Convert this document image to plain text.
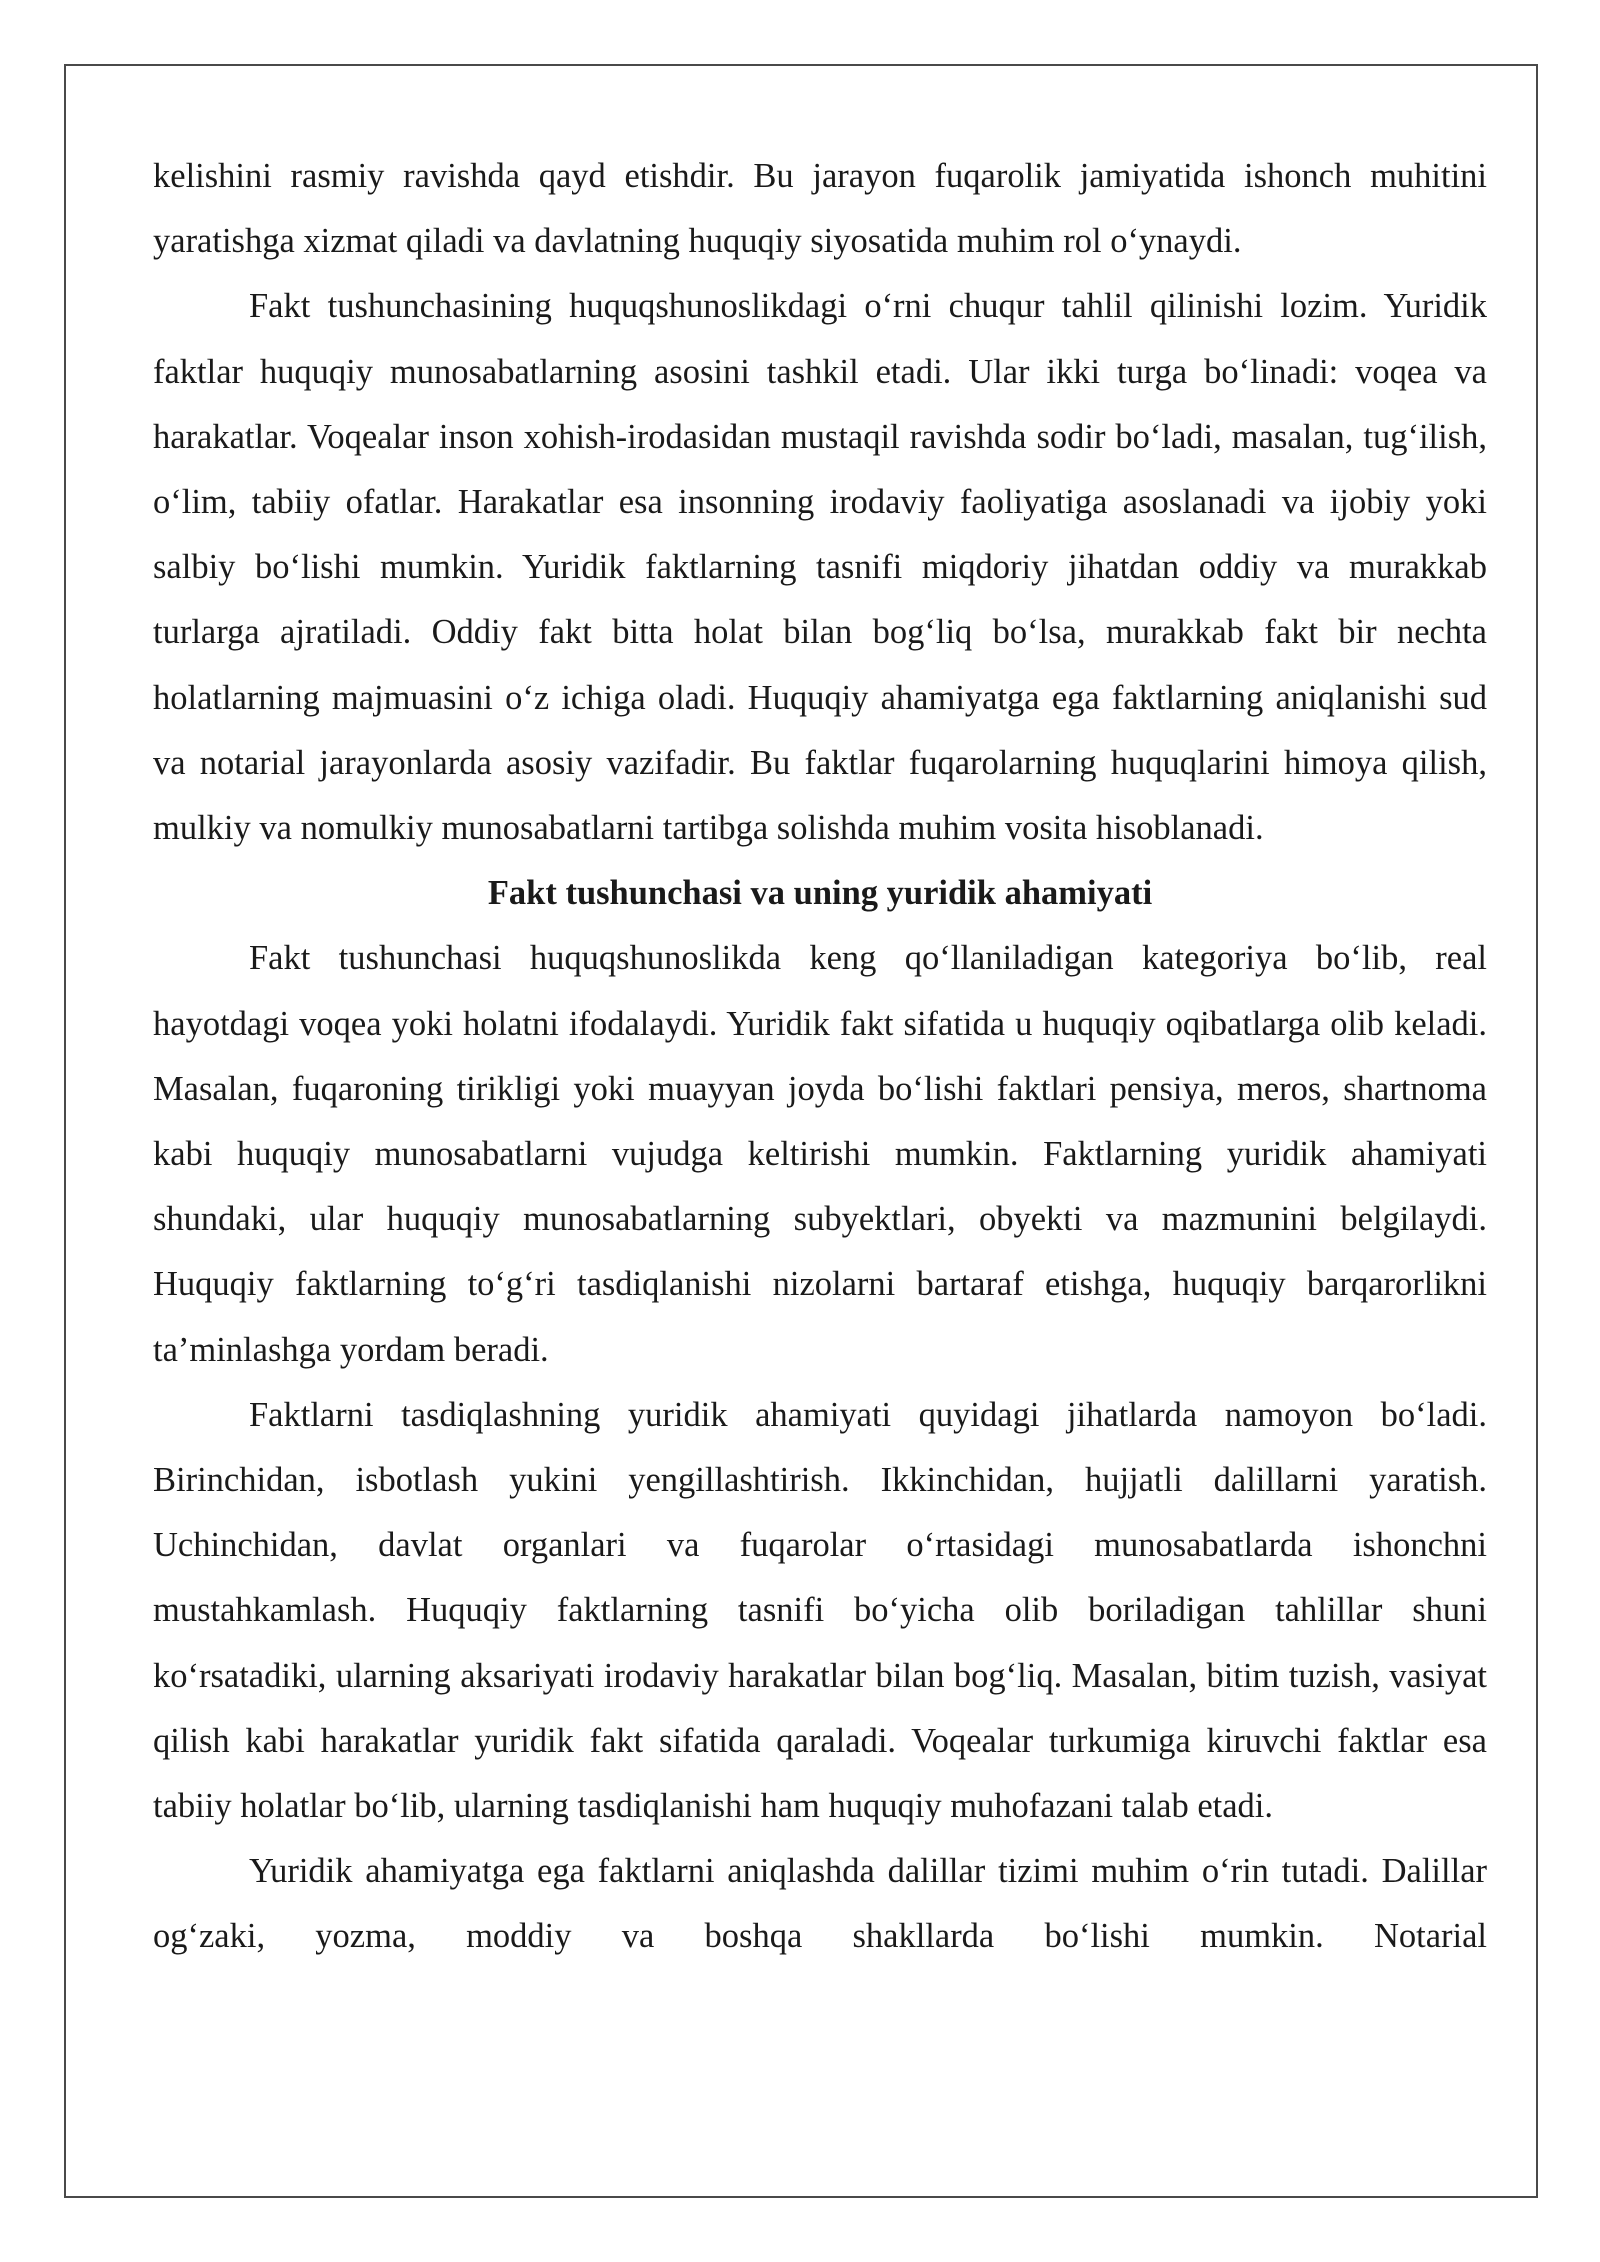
kelishini rasmiy ravishda qayd etishdir. Bu jarayon fuqarolik jamiyatida ishonch muhitini yaratishga xizmat qiladi va davlatning huquqiy siyosatida muhim rol o‘ynaydi.

Fakt tushunchasining huquqshunoslikdagi o‘rni chuqur tahlil qilinishi lozim. Yuridik faktlar huquqiy munosabatlarning asosini tashkil etadi. Ular ikki turga bo‘linadi: voqea va harakatlar. Voqealar inson xohish-irodasidan mustaqil ravishda sodir bo‘ladi, masalan, tug‘ilish, o‘lim, tabiiy ofatlar. Harakatlar esa insonning irodaviy faoliyatiga asoslanadi va ijobiy yoki salbiy bo‘lishi mumkin. Yuridik faktlarning tasnifi miqdoriy jihatdan oddiy va murakkab turlarga ajratiladi. Oddiy fakt bitta holat bilan bog‘liq bo‘lsa, murakkab fakt bir nechta holatlarning majmuasini o‘z ichiga oladi. Huquqiy ahamiyatga ega faktlarning aniqlanishi sud va notarial jarayonlarda asosiy vazifadir. Bu faktlar fuqarolarning huquqlarini himoya qilish, mulkiy va nomulkiy munosabatlarni tartibga solishda muhim vosita hisoblanadi.

Fakt tushunchasi va uning yuridik ahamiyati

Fakt tushunchasi huquqshunoslikda keng qo‘llaniladigan kategoriya bo‘lib, real hayotdagi voqea yoki holatni ifodalaydi. Yuridik fakt sifatida u huquqiy oqibatlarga olib keladi. Masalan, fuqaroning tirikligi yoki muayyan joyda bo‘lishi faktlari pensiya, meros, shartnoma kabi huquqiy munosabatlarni vujudga keltirishi mumkin. Faktlarning yuridik ahamiyati shundaki, ular huquqiy munosabatlarning subyektlari, obyekti va mazmunini belgilaydi. Huquqiy faktlarning to‘g‘ri tasdiqlanishi nizolarni bartaraf etishga, huquqiy barqarorlikni ta’minlashga yordam beradi.

Faktlarni tasdiqlashning yuridik ahamiyati quyidagi jihatlarda namoyon bo‘ladi. Birinchidan, isbotlash yukini yengillashtirish. Ikkinchidan, hujjatli dalillarni yaratish. Uchinchidan, davlat organlari va fuqarolar o‘rtasidagi munosabatlarda ishonchni mustahkamlash. Huquqiy faktlarning tasnifi bo‘yicha olib boriladigan tahlillar shuni ko‘rsatadiki, ularning aksariyati irodaviy harakatlar bilan bog‘liq. Masalan, bitim tuzish, vasiyat qilish kabi harakatlar yuridik fakt sifatida qaraladi. Voqealar turkumiga kiruvchi faktlar esa tabiiy holatlar bo‘lib, ularning tasdiqlanishi ham huquqiy muhofazani talab etadi.

Yuridik ahamiyatga ega faktlarni aniqlashda dalillar tizimi muhim o‘rin tutadi. Dalillar og‘zaki, yozma, moddiy va boshqa shakllarda bo‘lishi mumkin. Notarial
